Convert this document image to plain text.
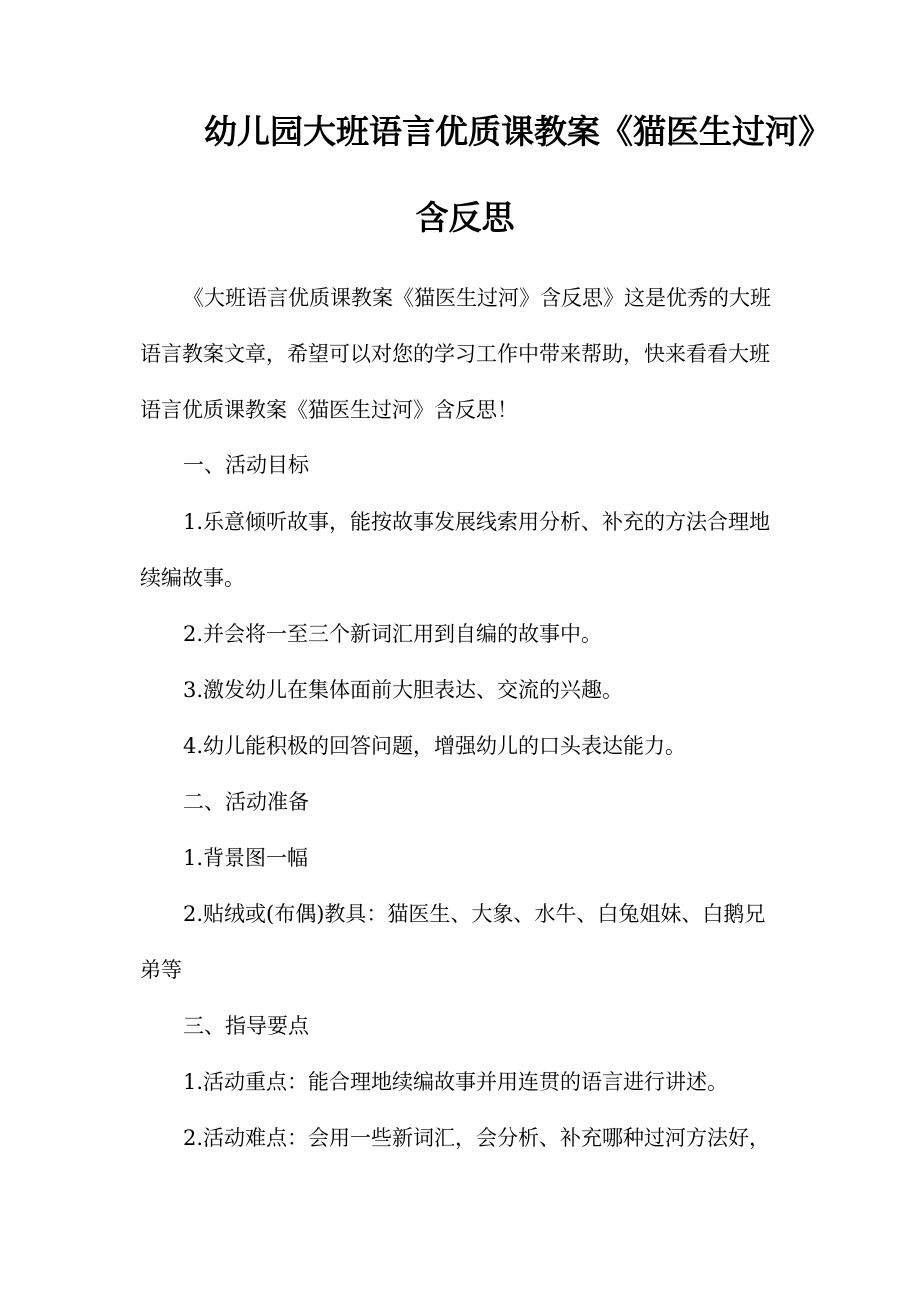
幼儿园大班语言优质课教案《猫医生过河》
含反思
《大班语言优质课教案《猫医生过河》含反思》这是优秀的大班
语言教案文章，希望可以对您的学习工作中带来帮助，快来看看大班
语言优质课教案《猫医生过河》含反思！
一、活动目标
1.乐意倾听故事，能按故事发展线索用分析、补充的方法合理地
续编故事。
2.并会将一至三个新词汇用到自编的故事中。
3.激发幼儿在集体面前大胆表达、交流的兴趣。
4.幼儿能积极的回答问题，增强幼儿的口头表达能力。
二、活动准备
1.背景图一幅
2.贴绒或(布偶)教具：猫医生、大象、水牛、白兔姐妹、白鹅兄
弟等
三、指导要点
1.活动重点：能合理地续编故事并用连贯的语言进行讲述。
2.活动难点：会用一些新词汇，会分析、补充哪种过河方法好，
